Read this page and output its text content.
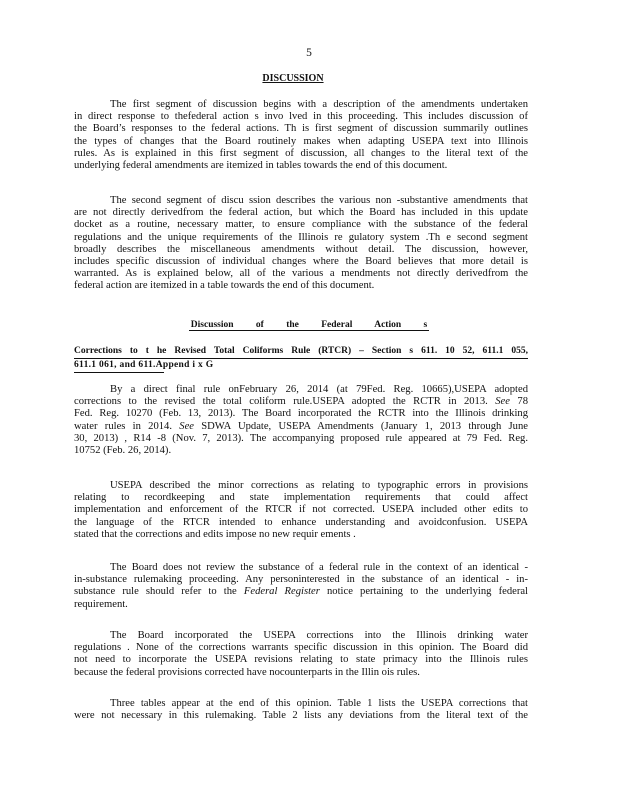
5
DISCUSSION
The first segment of discussion begins with a description of the amendments undertaken
in direct response to thefederal action s invo lved in this proceeding. This includes discussion of
the Board’s responses to the federal actions. Th is first segment of discussion summarily outlines
the types of changes that the Board routinely makes when adapting USEPA text into Illinois
rules. As is explained in this first segment of discussion, all changes to the literal text of the
underlying federal amendments are itemized in tables towards the end of this document.
The second segment of discu ssion describes the various non -substantive amendments that
are not directly derivedfrom the federal action, but which the Board has included in this update
docket as a routine, necessary matter, to ensure compliance with the substance of the federal
regulations and the unique requirements of the Illinois re gulatory system .Th e second segment
broadly describes the miscellaneous amendments without detail. The discussion, however,
includes specific discussion of individual changes where the Board believes that more detail is
warranted. As is explained below, all of the various a mendments not directly derivedfrom the
federal action are itemized in a table towards the end of this document.
Discussion of the Federal Action s
Corrections to t he Revised Total Coliforms Rule (RTCR) – Section s 611. 10 52, 611.1 055,
611.1 061, and 611.Append i x G
By a direct final rule onFebruary 26, 2014 (at 79Fed. Reg. 10665),USEPA adopted
corrections to the revised the total coliform rule.USEPA adopted the RCTR in 2013. See 78
Fed. Reg. 10270 (Feb. 13, 2013). The Board incorporated the RCTR into the Illinois drinking
water rules in 2014. See SDWA Update, USEPA Amendments (January 1, 2013 through June
30, 2013) , R14 -8 (Nov. 7, 2013). The accompanying proposed rule appeared at 79 Fed. Reg.
10752 (Feb. 26, 2014).
USEPA described the minor corrections as relating to typographic errors in provisions
relating to recordkeeping and state implementation requirements that could affect
implementation and enforcement of the RTCR if not corrected. USEPA included other edits to
the language of the RTCR intended to enhance understanding and avoidconfusion. USEPA
stated that the corrections and edits impose no new requir ements .
The Board does not review the substance of a federal rule in the context of an identical -
in-substance rulemaking proceeding. Any personinterested in the substance of an identical - in-
substance rule should refer to the Federal Register notice pertaining to the underlying federal
requirement.
The Board incorporated the USEPA corrections into the Illinois drinking water
regulations . None of the corrections warrants specific discussion in this opinion. The Board did
not need to incorporate the USEPA revisions relating to state primacy into the Illinois rules
because the federal provisions corrected have nocounterparts in the Illin ois rules.
Three tables appear at the end of this opinion. Table 1 lists the USEPA corrections that
were not necessary in this rulemaking. Table 2 lists any deviations from the literal text of the
